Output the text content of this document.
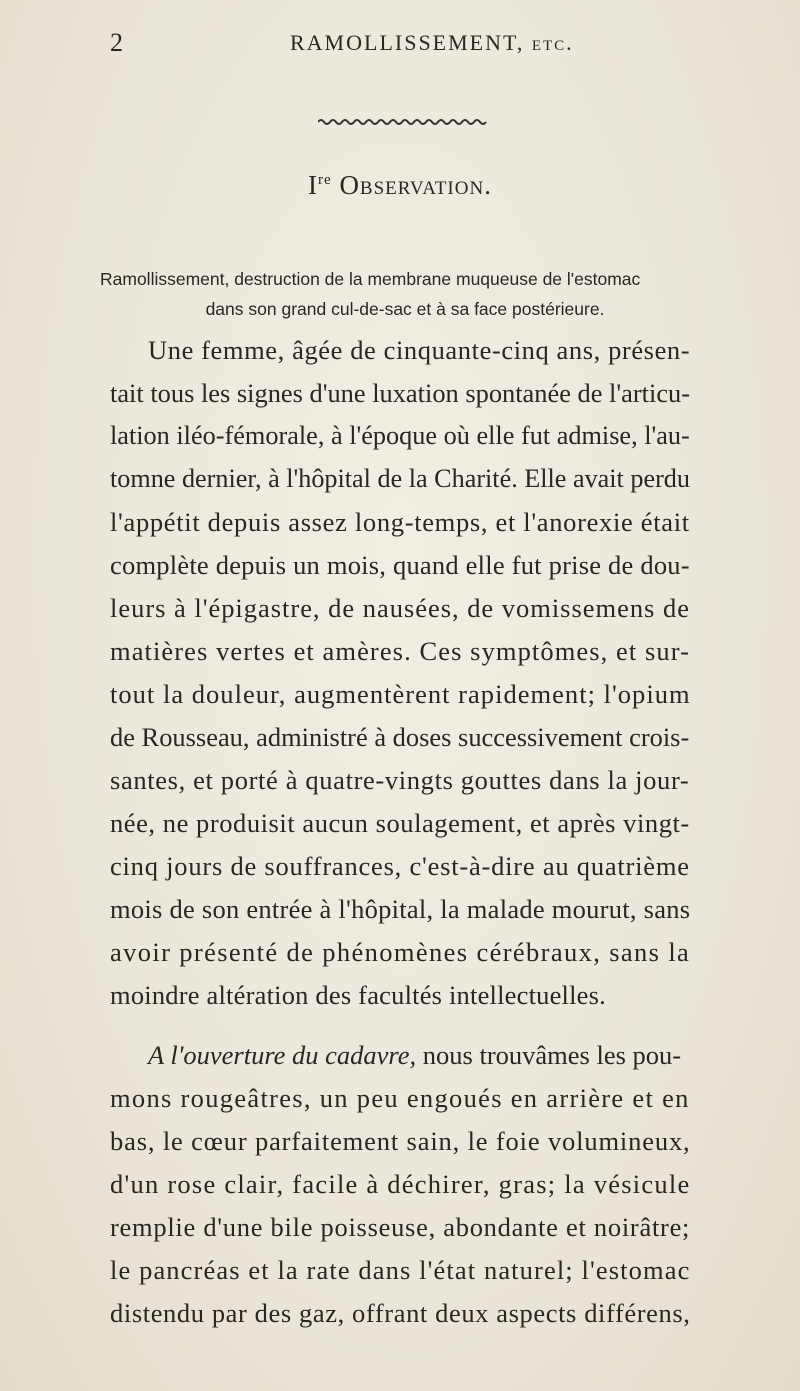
2	RAMOLLISSEMENT, etc.
Ire Observation.
Ramollissement, destruction de la membrane muqueuse de l'estomac
dans son grand cul-de-sac et à sa face postérieure.
Une femme, âgée de cinquante-cinq ans, présen-
tait tous les signes d'une luxation spontanée de l'articu-
lation iléo-fémorale, à l'époque où elle fut admise, l'au-
tomne dernier, à l'hôpital de la Charité. Elle avait perdu
l'appétit depuis assez long-temps, et l'anorexie était
complète depuis un mois, quand elle fut prise de dou-
leurs à l'épigastre, de nausées, de vomissemens de
matières vertes et amères. Ces symptômes, et sur-
tout la douleur, augmentèrent rapidement; l'opium
de Rousseau, administré à doses successivement crois-
santes, et porté à quatre-vingts gouttes dans la jour-
née, ne produisit aucun soulagement, et après vingt-
cinq jours de souffrances, c'est-à-dire au quatrième
mois de son entrée à l'hôpital, la malade mourut, sans
avoir présenté de phénomènes cérébraux, sans la
moindre altération des facultés intellectuelles.
A l'ouverture du cadavre, nous trouvâmes les pou-
mons rougeâtres, un peu engoués en arrière et en
bas, le cœur parfaitement sain, le foie volumineux,
d'un rose clair, facile à déchirer, gras; la vésicule
remplie d'une bile poisseuse, abondante et noirâtre;
le pancréas et la rate dans l'état naturel; l'estomac
distendu par des gaz, offrant deux aspects différens,
